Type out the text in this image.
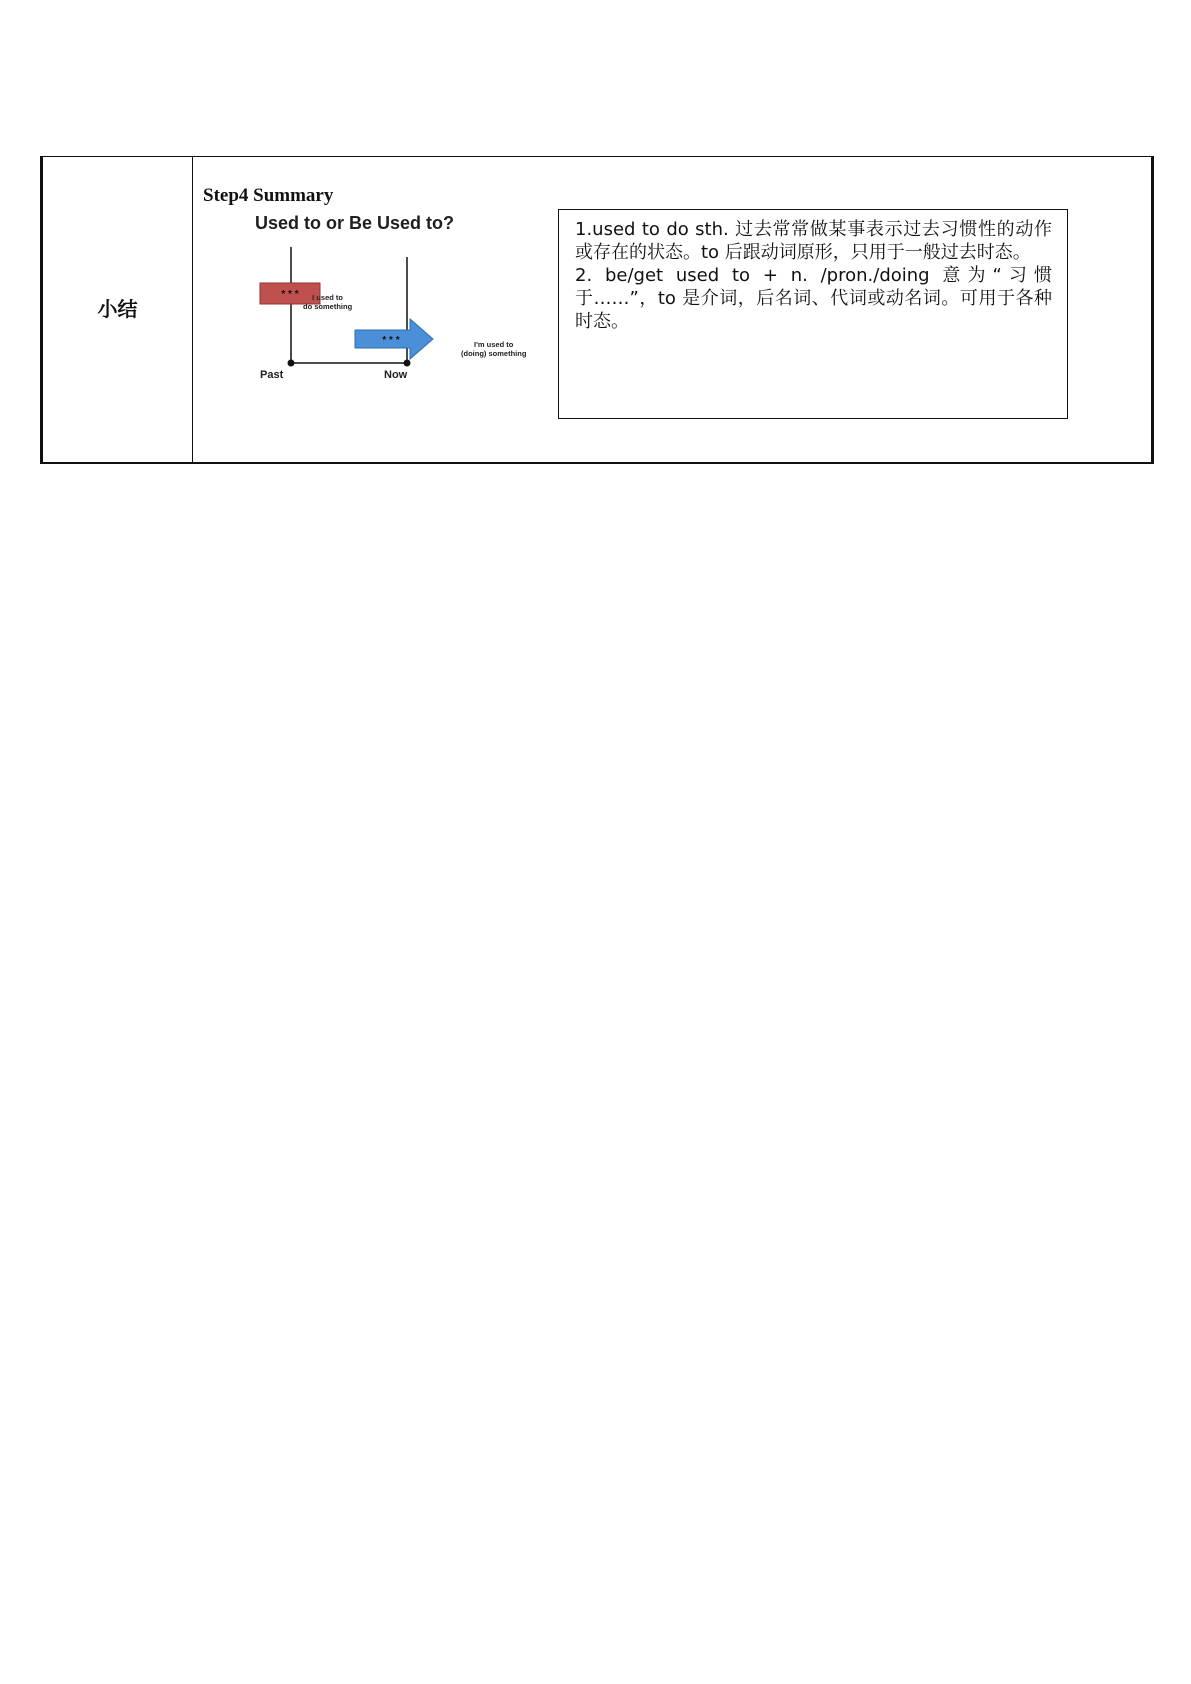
小结
Step4 Summary
* * *
* * *
Used to or Be Used to?
I used to
do something
I'm used to
(doing) something
Past	Now

1.used to do sth. 过去常常做某事表示过去习惯性的动作或存在的状态。to 后跟动词原形，只用于一般过去时态。

2. be/get used to + n. /pron./doing 意为“习惯于……”，to 是介词，后名词、代词或动名词。可用于各种时态。
